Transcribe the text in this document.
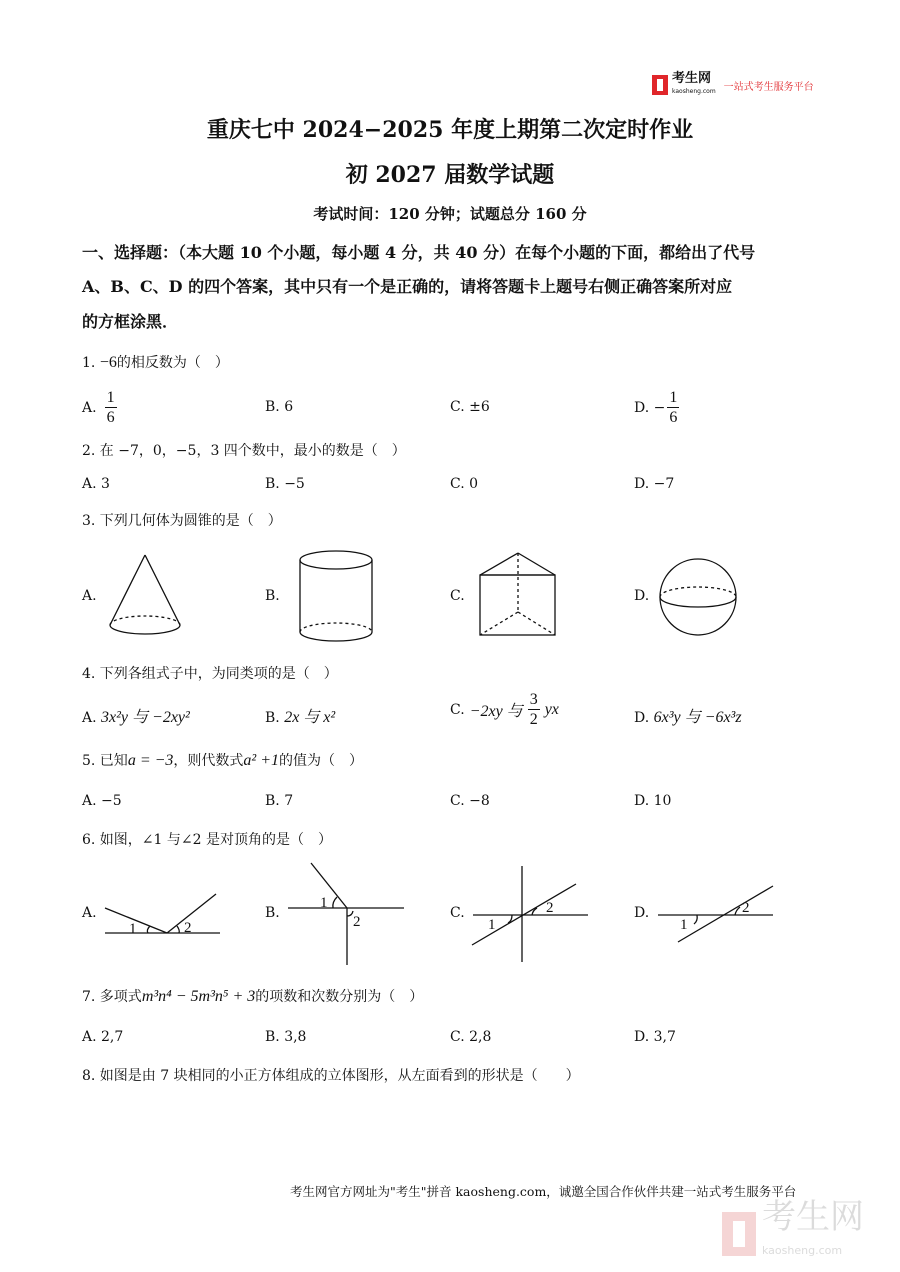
考生网
kaosheng.com 一站式考生服务平台
重庆七中 2024−2025 年度上期第二次定时作业
初 2027 届数学试题
考试时间：120 分钟；试题总分 160 分
一、选择题：（本大题 10 个小题，每小题 4 分，共 40 分）在每个小题的下面，都给出了代号
A、B、C、D 的四个答案，其中只有一个是正确的，请将答题卡上题号右侧正确答案所对应
的方框涂黑．
1. −6的相反数为（　）
A. $\frac{1}{6}$	B. 6	C. ±6	D. − $\frac{1}{6}$
2. 在 −7，0，−5，3 四个数中，最小的数是（　）
A. 3	B. −5	C. 0	D. −7
3. 下列几何体为圆锥的是（　）
A.	B.	C.	D.
4. 下列各组式子中，为同类项的是（　）
A. 3x²y 与 −2xy²	B. 2x 与 x²	C. −2xy 与 $\frac{3}{2}$ yx
D. 6x³y 与 −6x³z
5. 已知a = −3，则代数式a² +1的值为（　）
A. −5	B. 7	C. −8	D. 10
6. 如图，∠1 与∠2 是对顶角的是（　）
A.	B.	C.	D.
1	2
1
2	1
2
1
2
7. 多项式m³n⁴ − 5m³n⁵ + 3的项数和次数分别为（　）
A. 2,7	B. 3,8	C. 2,8	D. 3,7
8. 如图是由 7 块相同的小正方体组成的立体图形，从左面看到的形状是（　　）
考生网官方网址为"考生"拼音 kaosheng.com，诚邀全国合作伙伴共建一站式考生服务平台
考生网
kaosheng.com
